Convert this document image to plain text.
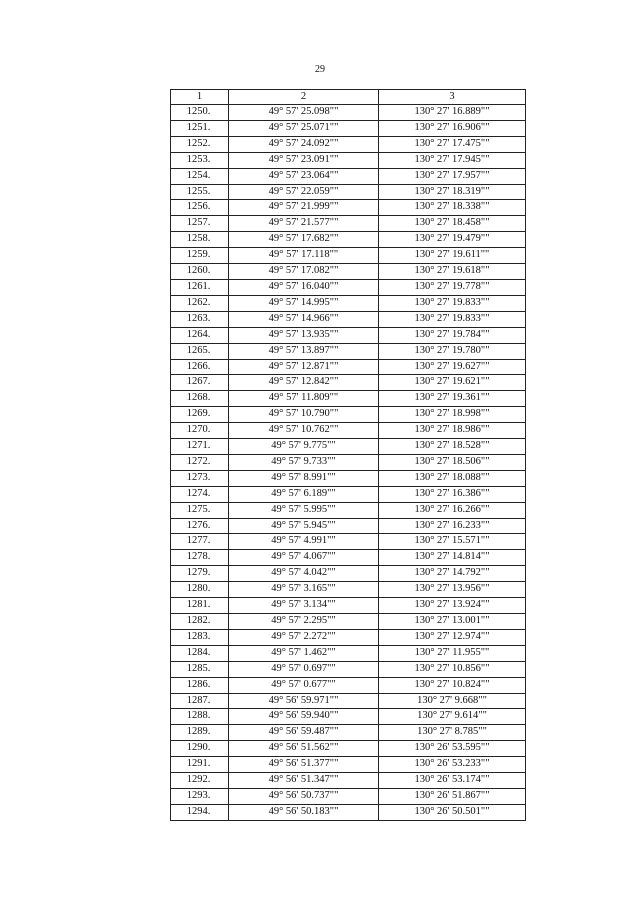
29
1	2	3
1250.	49° 57' 25.098""	130° 27' 16.889""
1251.	49° 57' 25.071""	130° 27' 16.906""
1252.	49° 57' 24.092""	130° 27' 17.475""
1253.	49° 57' 23.091""	130° 27' 17.945""
1254.	49° 57' 23.064""	130° 27' 17.957""
1255.	49° 57' 22.059""	130° 27' 18.319""
1256.	49° 57' 21.999""	130° 27' 18.338""
1257.	49° 57' 21.577""	130° 27' 18.458""
1258.	49° 57' 17.682""	130° 27' 19.479""
1259.	49° 57' 17.118""	130° 27' 19.611""
1260.	49° 57' 17.082""	130° 27' 19.618""
1261.	49° 57' 16.040""	130° 27' 19.778""
1262.	49° 57' 14.995""	130° 27' 19.833""
1263.	49° 57' 14.966""	130° 27' 19.833""
1264.	49° 57' 13.935""	130° 27' 19.784""
1265.	49° 57' 13.897""	130° 27' 19.780""
1266.	49° 57' 12.871""	130° 27' 19.627""
1267.	49° 57' 12.842""	130° 27' 19.621""
1268.	49° 57' 11.809""	130° 27' 19.361""
1269.	49° 57' 10.790""	130° 27' 18.998""
1270.	49° 57' 10.762""	130° 27' 18.986""
1271.	49° 57' 9.775""	130° 27' 18.528""
1272.	49° 57' 9.733""	130° 27' 18.506""
1273.	49° 57' 8.991""	130° 27' 18.088""
1274.	49° 57' 6.189""	130° 27' 16.386""
1275.	49° 57' 5.995""	130° 27' 16.266""
1276.	49° 57' 5.945""	130° 27' 16.233""
1277.	49° 57' 4.991""	130° 27' 15.571""
1278.	49° 57' 4.067""	130° 27' 14.814""
1279.	49° 57' 4.042""	130° 27' 14.792""
1280.	49° 57' 3.165""	130° 27' 13.956""
1281.	49° 57' 3.134""	130° 27' 13.924""
1282.	49° 57' 2.295""	130° 27' 13.001""
1283.	49° 57' 2.272""	130° 27' 12.974""
1284.	49° 57' 1.462""	130° 27' 11.955""
1285.	49° 57' 0.697""	130° 27' 10.856""
1286.	49° 57' 0.677""	130° 27' 10.824""
1287.	49° 56' 59.971""	130° 27' 9.668""
1288.	49° 56' 59.940""	130° 27' 9.614""
1289.	49° 56' 59.487""	130° 27' 8.785""
1290.	49° 56' 51.562""	130° 26' 53.595""
1291.	49° 56' 51.377""	130° 26' 53.233""
1292.	49° 56' 51.347""	130° 26' 53.174""
1293.	49° 56' 50.737""	130° 26' 51.867""
1294.	49° 56' 50.183""	130° 26' 50.501""
